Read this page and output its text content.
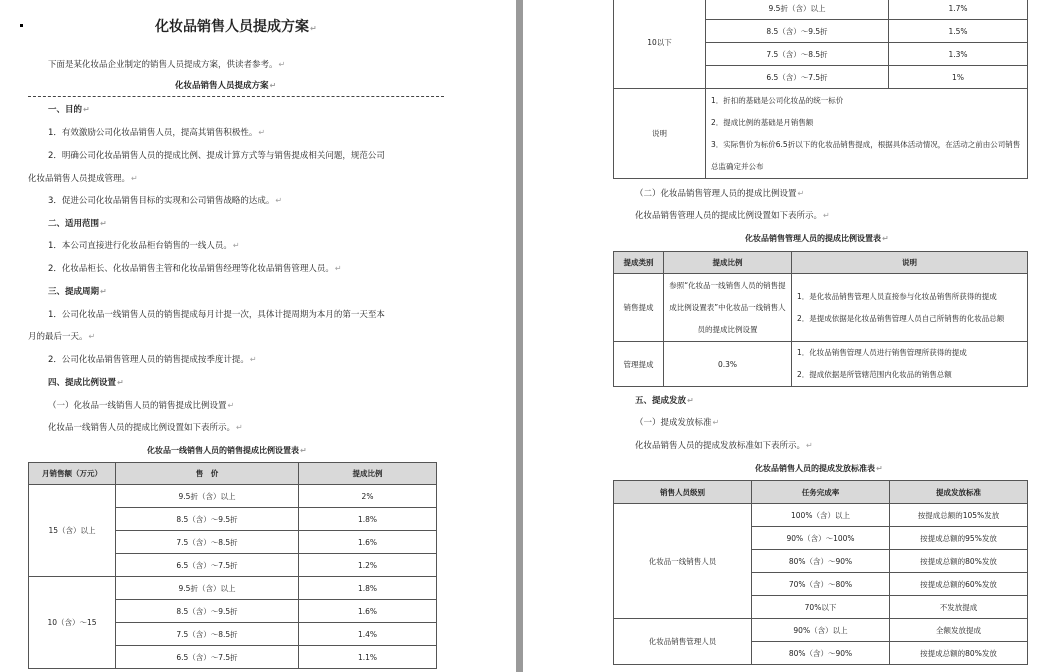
化妆品销售人员提成方案↵
下面是某化妆品企业制定的销售人员提成方案，供读者参考。↵
化妆品销售人员提成方案↵
一、目的↵
1．有效激励公司化妆品销售人员，提高其销售积极性。↵
2．明确公司化妆品销售人员的提成比例、提成计算方式等与销售提成相关问题，规范公司
化妆品销售人员提成管理。↵
3．促进公司化妆品销售目标的实现和公司销售战略的达成。↵
二、适用范围↵
1．本公司直接进行化妆品柜台销售的一线人员。↵
2．化妆品柜长、化妆品销售主管和化妆品销售经理等化妆品销售管理人员。↵
三、提成周期↵
1．公司化妆品一线销售人员的销售提成每月计提一次，具体计提周期为本月的第一天至本
月的最后一天。↵
2．公司化妆品销售管理人员的销售提成按季度计提。↵
四、提成比例设置↵
（一）化妆品一线销售人员的销售提成比例设置↵
化妆品一线销售人员的提成比例设置如下表所示。↵
化妆品一线销售人员的销售提成比例设置表↵
月销售额（万元）	售　价	提成比例
15（含）以上	9.5折（含）以上	2%
	8.5（含）～9.5折	1.8%
	7.5（含）～8.5折	1.6%
	6.5（含）～7.5折	1.2%
10（含）～15	9.5折（含）以上	1.8%
	8.5（含）～9.5折	1.6%
	7.5（含）～8.5折	1.4%
	6.5（含）～7.5折	1.1%
10以下	9.5折（含）以上	1.7%
	8.5（含）～9.5折	1.5%
	7.5（含）～8.5折	1.3%
	6.5（含）～7.5折	1%
说明	1．折扣的基础是公司化妆品的统一标价
2．提成比例的基础是月销售额
3．实际售价为标价6.5折以下的化妆品销售提成，根据具体活动情况，在活动之前由公司销售总监确定并公布	
（二）化妆品销售管理人员的提成比例设置↵
化妆品销售管理人员的提成比例设置如下表所示。↵
化妆品销售管理人员的提成比例设置表↵
提成类别	提成比例	说明
销售提成	参照“化妆品一线销售人员的销售提成比例设置表”中化妆品一线销售人员的提成比例设置	1．是化妆品销售管理人员直接参与化妆品销售所获得的提成
2．是提成依据是化妆品销售管理人员自己所销售的化妆品总额

管理提成	0.3%	1．化妆品销售管理人员进行销售管理所获得的提成
2．提成依据是所管辖范围内化妆品的销售总额
五、提成发放↵
（一）提成发放标准↵
化妆品销售人员的提成发放标准如下表所示。↵
化妆品销售人员的提成发放标准表↵
销售人员级别	任务完成率	提成发放标准
化妆品一线销售人员	100%（含）以上	按提成总额的105%发放
	90%（含）～100%	按提成总额的95%发放
	80%（含）～90%	按提成总额的80%发放
	70%（含）～80%	按提成总额的60%发放
	70%以下	不发放提成
化妆品销售管理人员	90%（含）以上	全额发放提成
	80%（含）～90%	按提成总额的80%发放
